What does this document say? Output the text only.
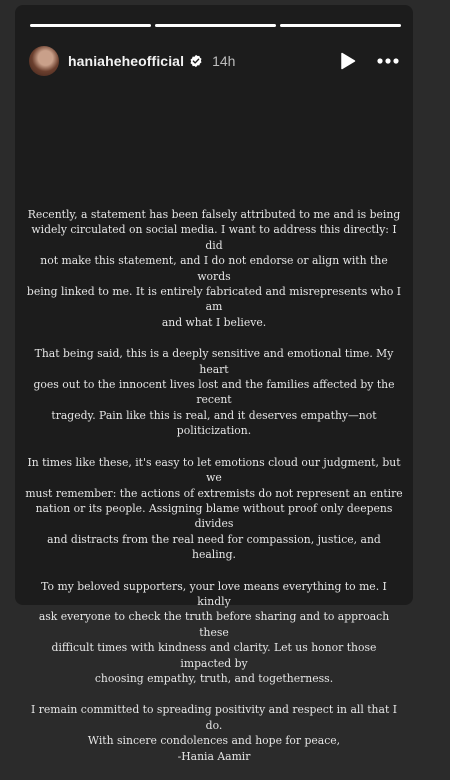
haniaheheofficial 14h

Recently, a statement has been falsely attributed to me and is being
widely circulated on social media. I want to address this directly: I did
not make this statement, and I do not endorse or align with the words
being linked to me. It is entirely fabricated and misrepresents who I am
and what I believe.

That being said, this is a deeply sensitive and emotional time. My heart
goes out to the innocent lives lost and the families affected by the recent
tragedy. Pain like this is real, and it deserves empathy—not politicization.

In times like these, it's easy to let emotions cloud our judgment, but we
must remember: the actions of extremists do not represent an entire
nation or its people. Assigning blame without proof only deepens divides
and distracts from the real need for compassion, justice, and healing.

To my beloved supporters, your love means everything to me. I kindly
ask everyone to check the truth before sharing and to approach these
difficult times with kindness and clarity. Let us honor those impacted by
choosing empathy, truth, and togetherness.

I remain committed to spreading positivity and respect in all that I do.
With sincere condolences and hope for peace,
-Hania Aamir
